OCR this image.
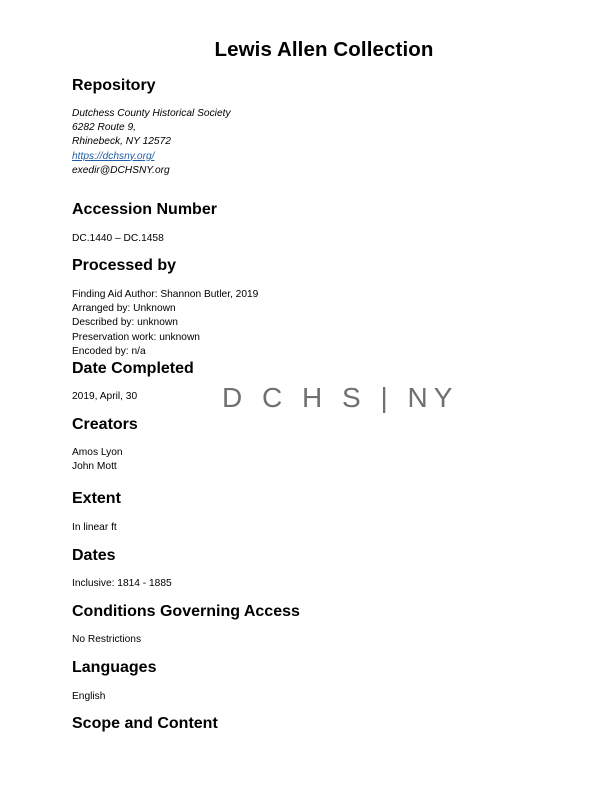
Lewis Allen Collection
Repository
Dutchess County Historical Society
6282 Route 9,
Rhinebeck, NY 12572
https://dchsny.org/
exedir@DCHSNY.org
Accession Number
DC.1440 – DC.1458
Processed by
Finding Aid Author: Shannon Butler, 2019
Arranged by: Unknown
Described by: unknown
Preservation work: unknown
Encoded by: n/a
Date Completed
2019, April, 30	D C H S | NY
Creators
Amos Lyon
John Mott
Extent
In linear ft
Dates
Inclusive: 1814 - 1885
Conditions Governing Access
No Restrictions
Languages
English
Scope and Content
